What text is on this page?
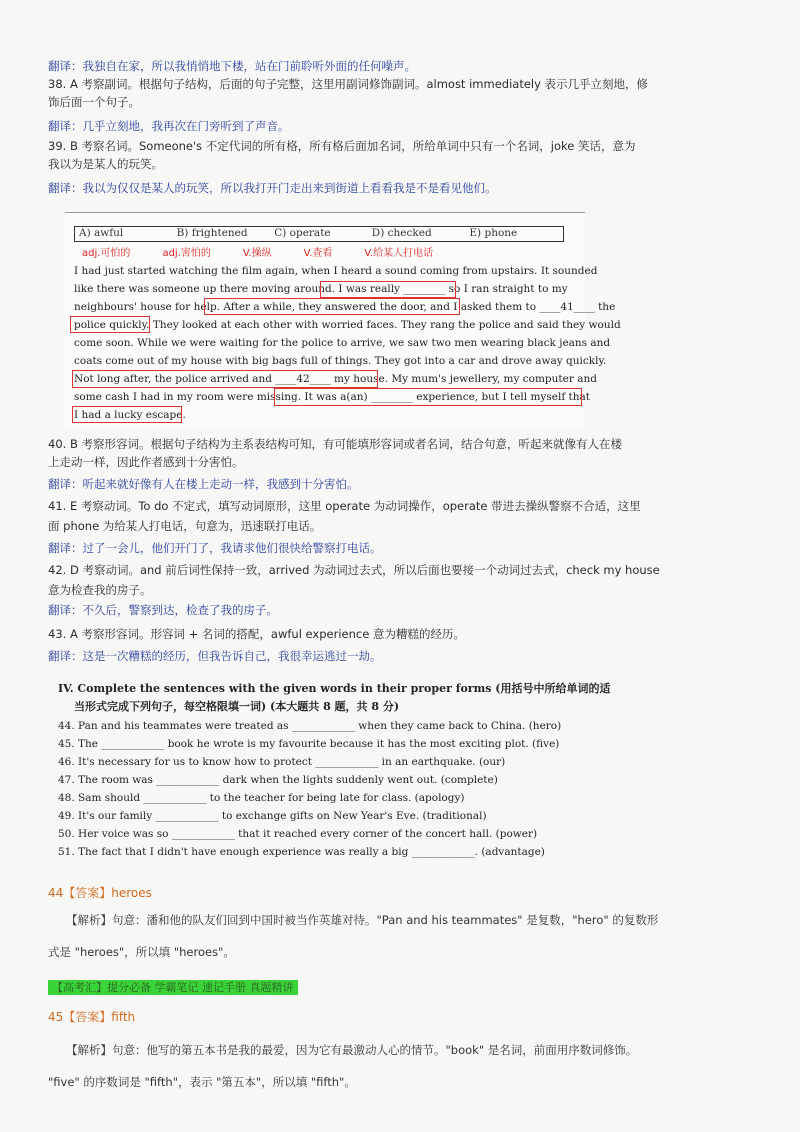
翻译：我独自在家，所以我悄悄地下楼，站在门前聆听外面的任何噪声。
38. A 考察副词。根据句子结构，后面的句子完整，这里用副词修饰副词。almost immediately 表示几乎立刻地，修
饰后面一个句子。
翻译：几乎立刻地，我再次在门旁听到了声音。
39. B 考察名词。Someone's 不定代词的所有格，所有格后面加名词，所给单词中只有一个名词，joke 笑话，意为
我以为是某人的玩笑。
翻译：我以为仅仅是某人的玩笑，所以我打开门走出来到街道上看看我是不是看见他们。
A) awful	B) frightened	C) operate	D) checked	E) phone
adj.可怕的	adj.害怕的	V.操纵	V.查看	V.给某人打电话
I had just started watching the film again, when I heard a sound coming from upstairs. It sounded
like there was someone up there moving around. I was really ________ so I ran straight to my
neighbours' house for help. After a while, they answered the door, and I asked them to ____41____ the
police quickly. They looked at each other with worried faces. They rang the police and said they would
come soon. While we were waiting for the police to arrive, we saw two men wearing black jeans and
coats come out of my house with big bags full of things. They got into a car and drove away quickly.
Not long after, the police arrived and ____42____ my house. My mum's jewellery, my computer and
some cash I had in my room were missing. It was a(an) ________ experience, but I tell myself that
I had a lucky escape.
40. B 考察形容词。根据句子结构为主系表结构可知，有可能填形容词或者名词，结合句意，听起来就像有人在楼
上走动一样，因此作者感到十分害怕。
翻译：听起来就好像有人在楼上走动一样，我感到十分害怕。
41. E 考察动词。To do 不定式，填写动词原形，这里 operate 为动词操作，operate 带进去操纵警察不合适，这里
面 phone 为给某人打电话，句意为，迅速联打电话。
翻译：过了一会儿，他们开门了，我请求他们很快给警察打电话。
42. D 考察动词。and 前后词性保持一致，arrived 为动词过去式，所以后面也要接一个动词过去式，check my house
意为检查我的房子。
翻译：不久后，警察到达，检查了我的房子。
43. A 考察形容词。形容词 + 名词的搭配，awful experience 意为糟糕的经历。
翻译：这是一次糟糕的经历，但我告诉自己，我很幸运逃过一劫。
IV. Complete the sentences with the given words in their proper forms (用括号中所给单词的适
当形式完成下列句子，每空格限填一词) (本大题共 8 题，共 8 分)
44. Pan and his teammates were treated as ____________ when they came back to China. (hero)
45. The ____________ book he wrote is my favourite because it has the most exciting plot. (five)
46. It's necessary for us to know how to protect ____________ in an earthquake. (our)
47. The room was ____________ dark when the lights suddenly went out. (complete)
48. Sam should ____________ to the teacher for being late for class. (apology)
49. It's our family ____________ to exchange gifts on New Year's Eve. (traditional)
50. Her voice was so ____________ that it reached every corner of the concert hall. (power)
51. The fact that I didn't have enough experience was really a big ____________. (advantage)
44【答案】heroes
【解析】句意：潘和他的队友们回到中国时被当作英雄对待。"Pan and his teammates" 是复数，"hero" 的复数形
式是 "heroes"，所以填 "heroes"。
【高考汇】提分必备 学霸笔记 速记手册 真题精讲
45【答案】fifth
【解析】句意：他写的第五本书是我的最爱，因为它有最激动人心的情节。"book" 是名词，前面用序数词修饰。
"five" 的序数词是 "fifth"，表示 "第五本"，所以填 "fifth"。
